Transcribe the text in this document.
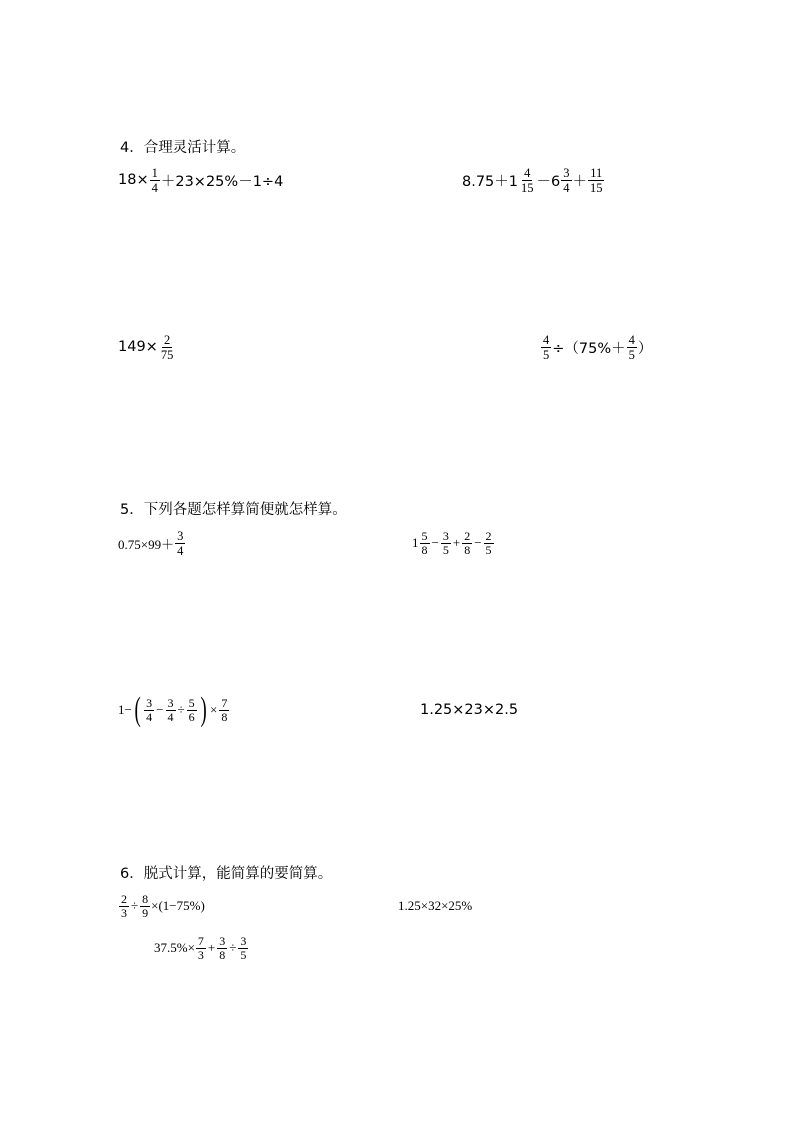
4．合理灵活计算。
$18\times \frac{1}{4} +23\times 25\%-1\div 4$	$8.75+1 \frac{4}{15} -6 \frac{3}{4} + \frac{11}{15}$
$149\times \frac{2}{75}$	$\frac{4}{5} \div(75\%+ \frac{4}{5}$ ）
5．下列各题怎样算简便就怎样算。
$0.75\times 99+ \frac{3}{4}$	$1 \frac{5}{8} - \frac{3}{5} + \frac{2}{8} - \frac{2}{5}$
1− ( $\frac{3}{4} - \frac{3}{4} \div \frac{5}{6}$ ) × $\frac{7}{8}$	1.25×23×2.5
6．脱式计算，能简算的要简算。
$\frac{2}{3} \div \frac{8}{9} \times(1-75\%)$	1.25×32×25%
$37.5\%\times \frac{7}{3} + \frac{3}{8} \div \frac{3}{5}$
